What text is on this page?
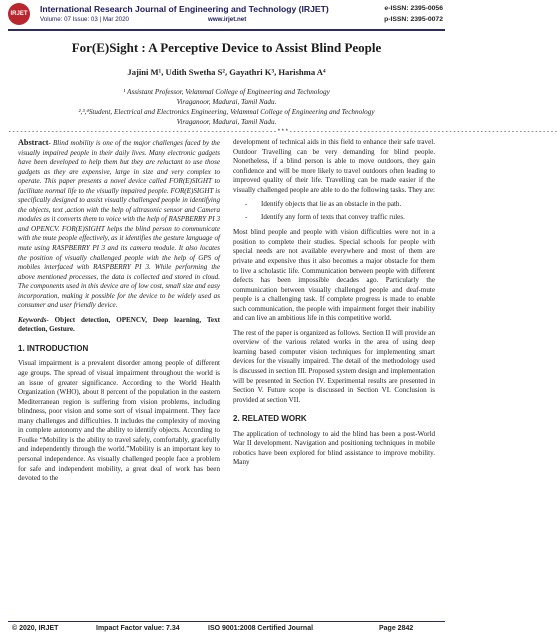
IRJET International Research Journal of Engineering and Technology (IRJET)
Volume: 07 Issue: 03 | Mar 2020	www.irjet.net
e-ISSN: 2395-0056
p-ISSN: 2395-0072
For(E)Sight : A Perceptive Device to Assist Blind People
Jajini M¹, Udith Swetha S², Gayathri K³, Harishma A⁴
¹ Assistant Professor, Velammal College of Engineering and Technology
Viraganoor, Madurai, Tamil Nadu.
²,³,⁴Student, Electrical and Electronics Engineering, Velammal College of Engineering and Technology
Viraganoor, Madurai, Tamil Nadu.
---------------------------------------------------------------------***---------------------------------------------------------------------

Abstract- Blind mobility is one of the major challenges faced by the visually impaired people in their daily lives. Many electronic gadgets have been developed to help them but they are reluctant to use those gadgets as they are expensive, large in size and very complex to operate. This paper presents a novel device called FOR(E)SIGHT to facilitate normal life to the visually impaired people. FOR(E)SIGHT is specifically designed to assist visually challenged people in identifying the objects, text ,action with the help of ultrasonic sensor and Camera modules as it converts them to voice with the help of RASPBERRY PI 3 and OPENCV. FOR(E)SIGHT helps the blind person to communicate with the mute people effectively, as it identifies the gesture language of mute using RASPBERRY PI 3 and its camera module. It also locates the position of visually challenged people with the help of GPS of mobiles interfaced with RASPBERRY PI 3. While performing the above mentioned processes, the data is collected and stored in cloud. The components used in this device are of low cost, small size and easy incorporation, making it possible for the device to be widely used as consumer and user friendly device.

Keywords- Object detection, OPENCV, Deep learning, Text detection, Gesture.

1. INTRODUCTION

Visual impairment is a prevalent disorder among people of different age groups. The spread of visual impairment throughout the world is an issue of greater significance. According to the World Health Organization (WHO), about 8 percent of the population in the eastern Mediterranean region is suffering from vision problems, including blindness, poor vision and some sort of visual impairment. They face many challenges and difficulties. It includes the complexity of moving in complete autonomy and the ability to identify objects. According to Foulke “Mobility is the ability to travel safely, comfortably, gracefully and independently through the world.”Mobility is an important key to personal independence. As visually challenged people face a problem for safe and independent mobility, a great deal of work has been devoted to the

development of technical aids in this field to enhance their safe travel. Outdoor Travelling can be very demanding for blind people. Nonetheless, if a blind person is able to move outdoors, they gain confidence and will be more likely to travel outdoors often leading to improved quality of their life. Travelling can be made easier if the visually challenged people are able to do the following tasks. They are:

- Identify objects that lie as an obstacle in the path.
- Identify any form of texts that convey traffic rules.

Most blind people and people with vision difficulties were not in a position to complete their studies. Special schools for people with special needs are not available everywhere and most of them are private and expensive thus it also becomes a major obstacle for them to live a scholastic life. Communication between people with different defects has been impossible decades ago. Particularly the communication between visually challenged people and deaf-mute people is a challenging task. If complete progress is made to enable such communication, the people with impairment forget their inability and can live an ambitious life in this competitive world.

The rest of the paper is organized as follows. Section II will provide an overview of the various related works in the area of using deep learning based computer vision techniques for implementing smart devices for the visually impaired. The detail of the methodology used is discussed in section III. Proposed system design and implementation will be presented in Section IV. Experimental results are presented in Section V. Future scope is discussed in Section VI. Conclusion is provided at section VII.

2. RELATED WORK

The application of technology to aid the blind has been a post-World War II development. Navigation and positioning techniques in mobile robotics have been explored for blind assistance to improve mobility. Many

© 2020, IRJET	Impact Factor value: 7.34	ISO 9001:2008 Certified Journal	Page 2842
